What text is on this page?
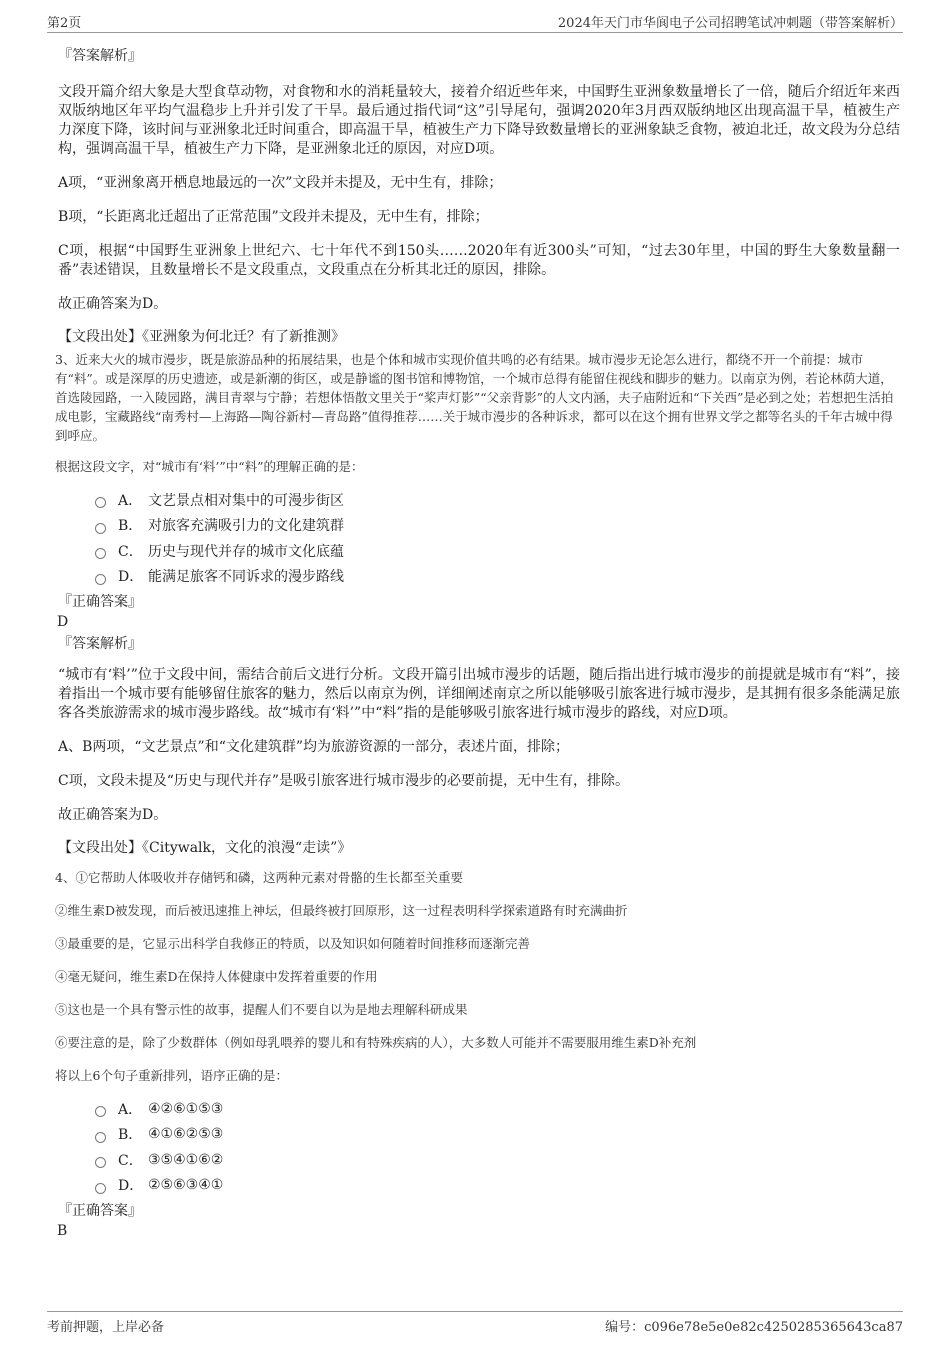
第2页	2024年天门市华阆电子公司招聘笔试冲刺题（带答案解析）
『答案解析』
文段开篇介绍大象是大型食草动物，对食物和水的消耗量较大，接着介绍近些年来，中国野生亚洲象数量增长了一倍，随后介绍近年来西双版纳地区年平均气温稳步上升并引发了干旱。最后通过指代词“这”引导尾句，强调2020年3月西双版纳地区出现高温干旱，植被生产力深度下降，该时间与亚洲象北迁时间重合，即高温干旱，植被生产力下降导致数量增长的亚洲象缺乏食物，被迫北迁，故文段为分总结构，强调高温干旱，植被生产力下降，是亚洲象北迁的原因，对应D项。
A项，“亚洲象离开栖息地最远的一次”文段并未提及，无中生有，排除；
B项，“长距离北迁超出了正常范围”文段并未提及，无中生有，排除；
C项，根据“中国野生亚洲象上世纪六、七十年代不到150头……2020年有近300头”可知，“过去30年里，中国的野生大象数量翻一番”表述错误，且数量增长不是文段重点，文段重点在分析其北迁的原因，排除。
故正确答案为D。
【文段出处】《亚洲象为何北迁？有了新推测》
3、近来大火的城市漫步，既是旅游品种的拓展结果，也是个体和城市实现价值共鸣的必有结果。城市漫步无论怎么进行，都绕不开一个前提：城市有“料”。或是深厚的历史遗迹，或是新潮的街区，或是静谧的图书馆和博物馆，一个城市总得有能留住视线和脚步的魅力。以南京为例，若论林荫大道，首选陵园路，一入陵园路，满目青翠与宁静；若想体悟散文里关于“桨声灯影”“父亲背影”的人文内涵，夫子庙附近和“下关西”是必到之处；若想把生活拍成电影，宝藏路线“南秀村—上海路—陶谷新村—青岛路”值得推荐……关于城市漫步的各种诉求，都可以在这个拥有世界文学之都等名头的千年古城中得到呼应。
根据这段文字，对“城市有‘料’”中“料”的理解正确的是：
A． 文艺景点相对集中的可漫步街区
B． 对旅客充满吸引力的文化建筑群
C． 历史与现代并存的城市文化底蕴
D． 能满足旅客不同诉求的漫步路线
『正确答案』
D
『答案解析』
“城市有‘料’”位于文段中间，需结合前后文进行分析。文段开篇引出城市漫步的话题，随后指出进行城市漫步的前提就是城市有“料”，接着指出一个城市要有能够留住旅客的魅力，然后以南京为例，详细阐述南京之所以能够吸引旅客进行城市漫步，是其拥有很多条能满足旅客各类旅游需求的城市漫步路线。故“城市有‘料’”中“料”指的是能够吸引旅客进行城市漫步的路线，对应D项。
A、B两项，“文艺景点”和“文化建筑群”均为旅游资源的一部分，表述片面，排除；
C项，文段未提及“历史与现代并存”是吸引旅客进行城市漫步的必要前提，无中生有，排除。
故正确答案为D。
【文段出处】《Citywalk，文化的浪漫“走读”》
4、①它帮助人体吸收并存储钙和磷，这两种元素对骨骼的生长都至关重要
②维生素D被发现，而后被迅速推上神坛，但最终被打回原形，这一过程表明科学探索道路有时充满曲折
③最重要的是，它显示出科学自我修正的特质，以及知识如何随着时间推移而逐渐完善
④毫无疑问，维生素D在保持人体健康中发挥着重要的作用
⑤这也是一个具有警示性的故事，提醒人们不要自以为是地去理解科研成果
⑥要注意的是，除了少数群体（例如母乳喂养的婴儿和有特殊疾病的人），大多数人可能并不需要服用维生素D补充剂
将以上6个句子重新排列，语序正确的是：
A． ④②⑥①⑤③
B． ④①⑥②⑤③
C． ③⑤④①⑥②
D． ②⑤⑥③④①
『正确答案』
B
考前押题，上岸必备	编号：c096e78e5e0e82c4250285365643ca87
